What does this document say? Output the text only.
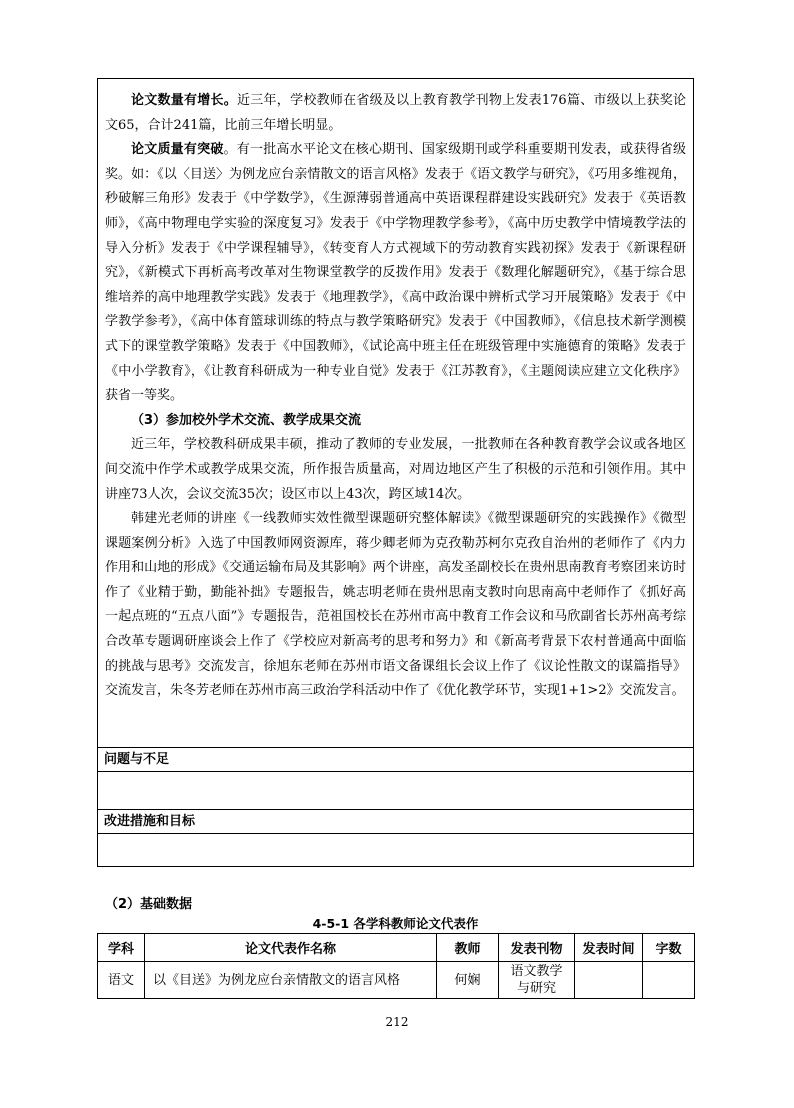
论文数量有增长。近三年，学校教师在省级及以上教育教学刊物上发表176篇、市级以上获奖论文65，合计241篇，比前三年增长明显。

论文质量有突破。有一批高水平论文在核心期刊、国家级期刊或学科重要期刊发表，或获得省级奖。如：《以〈目送〉为例龙应台亲情散文的语言风格》发表于《语文教学与研究》，《巧用多维视角，秒破解三角形》发表于《中学数学》，《生源薄弱普通高中英语课程群建设实践研究》发表于《英语教师》，《高中物理电学实验的深度复习》发表于《中学物理教学参考》，《高中历史教学中情境教学法的导入分析》发表于《中学课程辅导》，《转变育人方式视域下的劳动教育实践初探》发表于《新课程研究》，《新模式下再析高考改革对生物课堂教学的反拨作用》发表于《数理化解题研究》，《基于综合思维培养的高中地理教学实践》发表于《地理教学》，《高中政治课中辨析式学习开展策略》发表于《中学教学参考》，《高中体育篮球训练的特点与教学策略研究》发表于《中国教师》，《信息技术新学测模式下的课堂教学策略》发表于《中国教师》，《试论高中班主任在班级管理中实施德育的策略》发表于《中小学教育》，《让教育科研成为一种专业自觉》发表于《江苏教育》，《主题阅读应建立文化秩序》获省一等奖。

（3）参加校外学术交流、教学成果交流

近三年，学校教科研成果丰硕，推动了教师的专业发展，一批教师在各种教育教学会议或各地区间交流中作学术或教学成果交流，所作报告质量高，对周边地区产生了积极的示范和引领作用。其中讲座73人次，会议交流35次；设区市以上43次，跨区域14次。

韩建光老师的讲座《一线教师实效性微型课题研究整体解读》《微型课题研究的实践操作》《微型课题案例分析》入选了中国教师网资源库，蒋少卿老师为克孜勒苏柯尔克孜自治州的老师作了《内力作用和山地的形成》《交通运输布局及其影响》两个讲座，高发圣副校长在贵州思南教育考察团来访时作了《业精于勤，勤能补拙》专题报告，姚志明老师在贵州思南支教时向思南高中老师作了《抓好高一起点班的“五点八面”》专题报告，范祖国校长在苏州市高中教育工作会议和马欣副省长苏州高考综合改革专题调研座谈会上作了《学校应对新高考的思考和努力》和《新高考背景下农村普通高中面临的挑战与思考》交流发言，徐旭东老师在苏州市语文备课组长会议上作了《议论性散文的谋篇指导》交流发言，朱冬芳老师在苏州市高三政治学科活动中作了《优化教学环节，实现1+1>2》交流发言。

问题与不足
改进措施和目标
（2）基础数据
4-5-1 各学科教师论文代表作
学科	论文代表作名称	教师	发表刊物	发表时间	字数
语文	以《目送》为例龙应台亲情散文的语言风格	何娴	语文教学
与研究		
212
